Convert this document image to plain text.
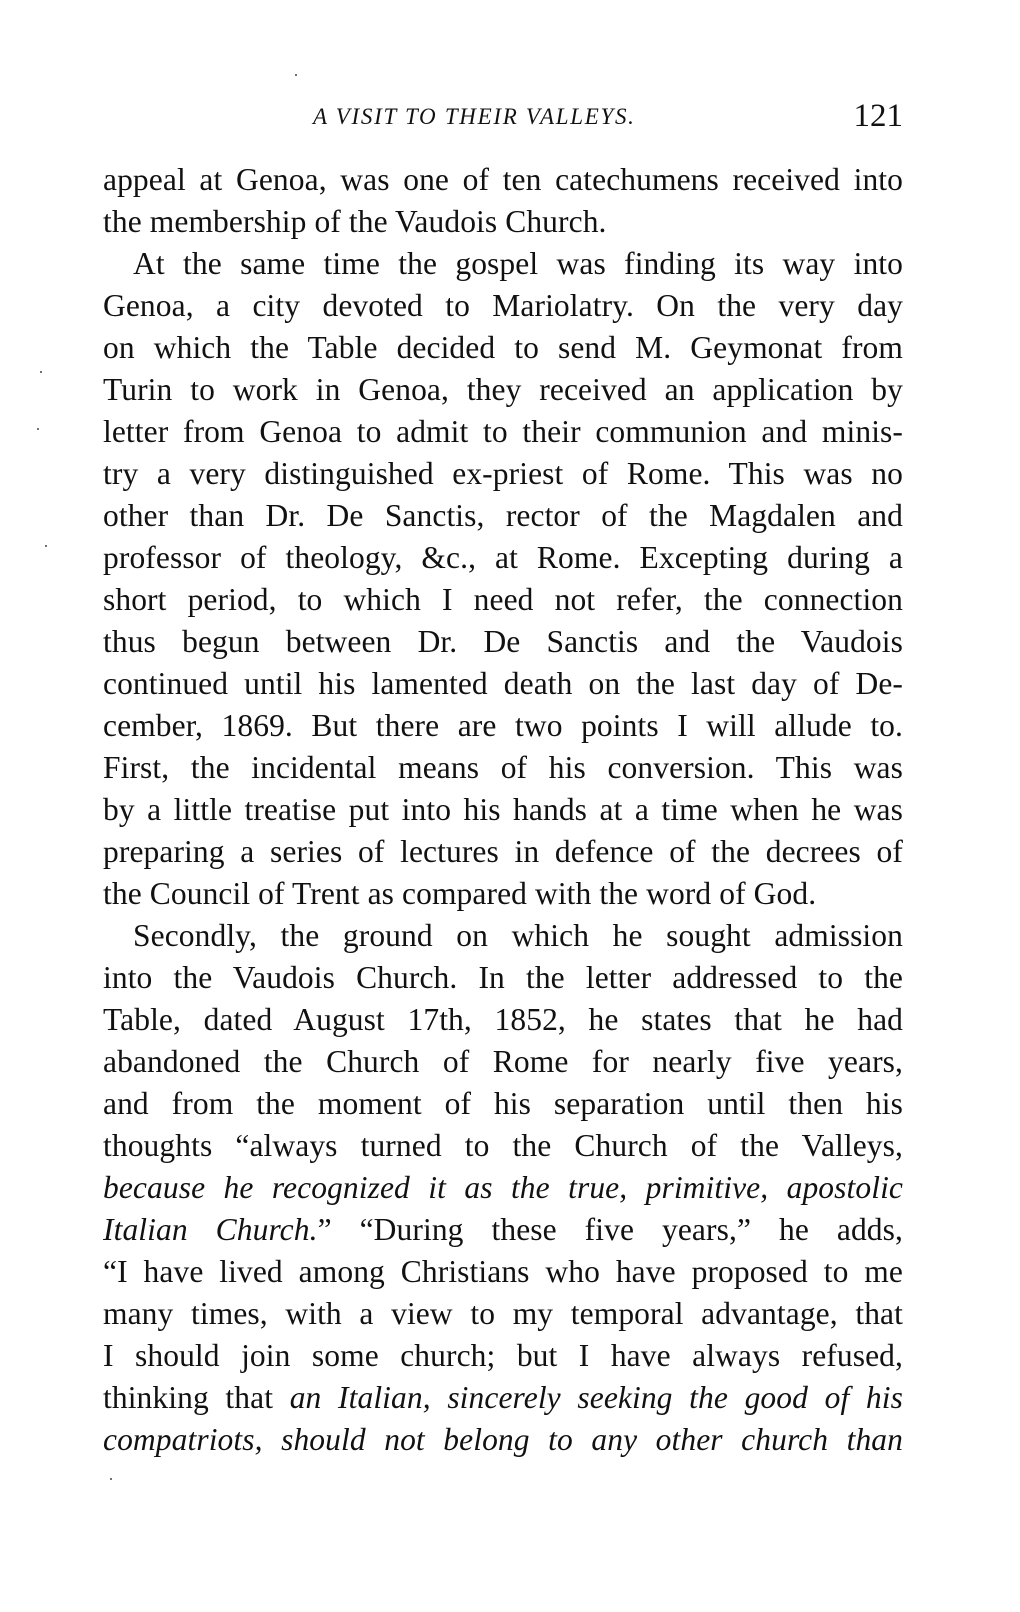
A VISIT TO THEIR VALLEYS.	121
appeal at Genoa, was one of ten catechumens received into
the membership of the Vaudois Church.
At the same time the gospel was finding its way into
Genoa, a city devoted to Mariolatry. On the very day
on which the Table decided to send M. Geymonat from
Turin to work in Genoa, they received an application by
letter from Genoa to admit to their communion and minis-
try a very distinguished ex-priest of Rome. This was no
other than Dr. De Sanctis, rector of the Magdalen and
professor of theology, &c., at Rome. Excepting during a
short period, to which I need not refer, the connection
thus begun between Dr. De Sanctis and the Vaudois
continued until his lamented death on the last day of De-
cember, 1869. But there are two points I will allude to.
First, the incidental means of his conversion. This was
by a little treatise put into his hands at a time when he was
preparing a series of lectures in defence of the decrees of
the Council of Trent as compared with the word of God.
Secondly, the ground on which he sought admission
into the Vaudois Church. In the letter addressed to the
Table, dated August 17th, 1852, he states that he had
abandoned the Church of Rome for nearly five years,
and from the moment of his separation until then his
thoughts “always turned to the Church of the Valleys,
because he recognized it as the true, primitive, apostolic
Italian Church.” “During these five years,” he adds,
“I have lived among Christians who have proposed to me
many times, with a view to my temporal advantage, that
I should join some church; but I have always refused,
thinking that an Italian, sincerely seeking the good of his
compatriots, should not belong to any other church than
